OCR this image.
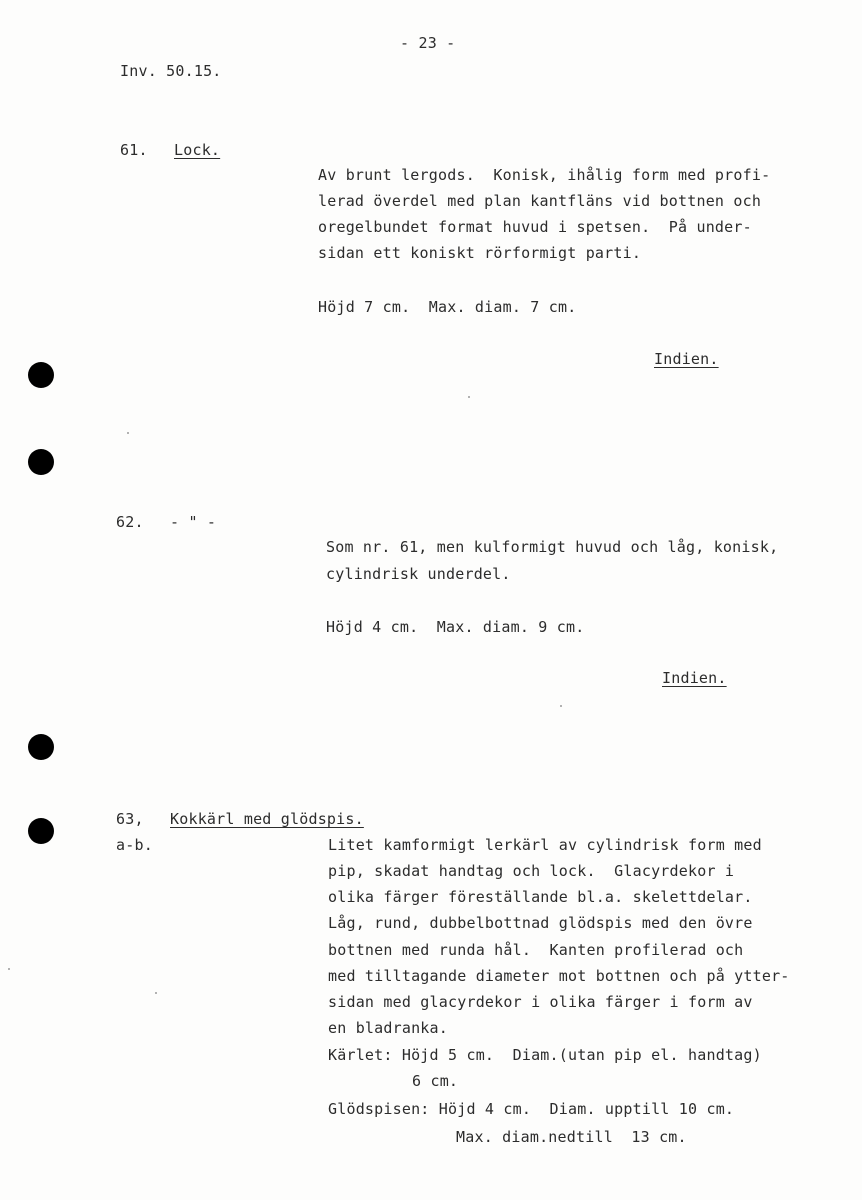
- 23 -
Inv. 50.15.
61. Lock.
Av brunt lergods.  Konisk, ihålig form med profi-
lerad överdel med plan kantfläns vid bottnen och
oregelbundet format huvud i spetsen.  På under-
sidan ett koniskt rörformigt parti.
Höjd 7 cm.  Max. diam. 7 cm.
Indien.
62. - " -
Som nr. 61, men kulformigt huvud och låg, konisk,
cylindrisk underdel.
Höjd 4 cm.  Max. diam. 9 cm.
Indien.
63, Kokkärl med glödspis.
a-b.	Litet kamformigt lerkärl av cylindrisk form med
pip, skadat handtag och lock.  Glacyrdekor i
olika färger föreställande bl.a. skelettdelar.
Låg, rund, dubbelbottnad glödspis med den övre
bottnen med runda hål.  Kanten profilerad och
med tilltagande diameter mot bottnen och på ytter-
sidan med glacyrdekor i olika färger i form av
en bladranka.
Kärlet: Höjd 5 cm.  Diam.(utan pip el. handtag)
6 cm.
Glödspisen: Höjd 4 cm.  Diam. upptill 10 cm.
Max. diam.nedtill  13 cm.
